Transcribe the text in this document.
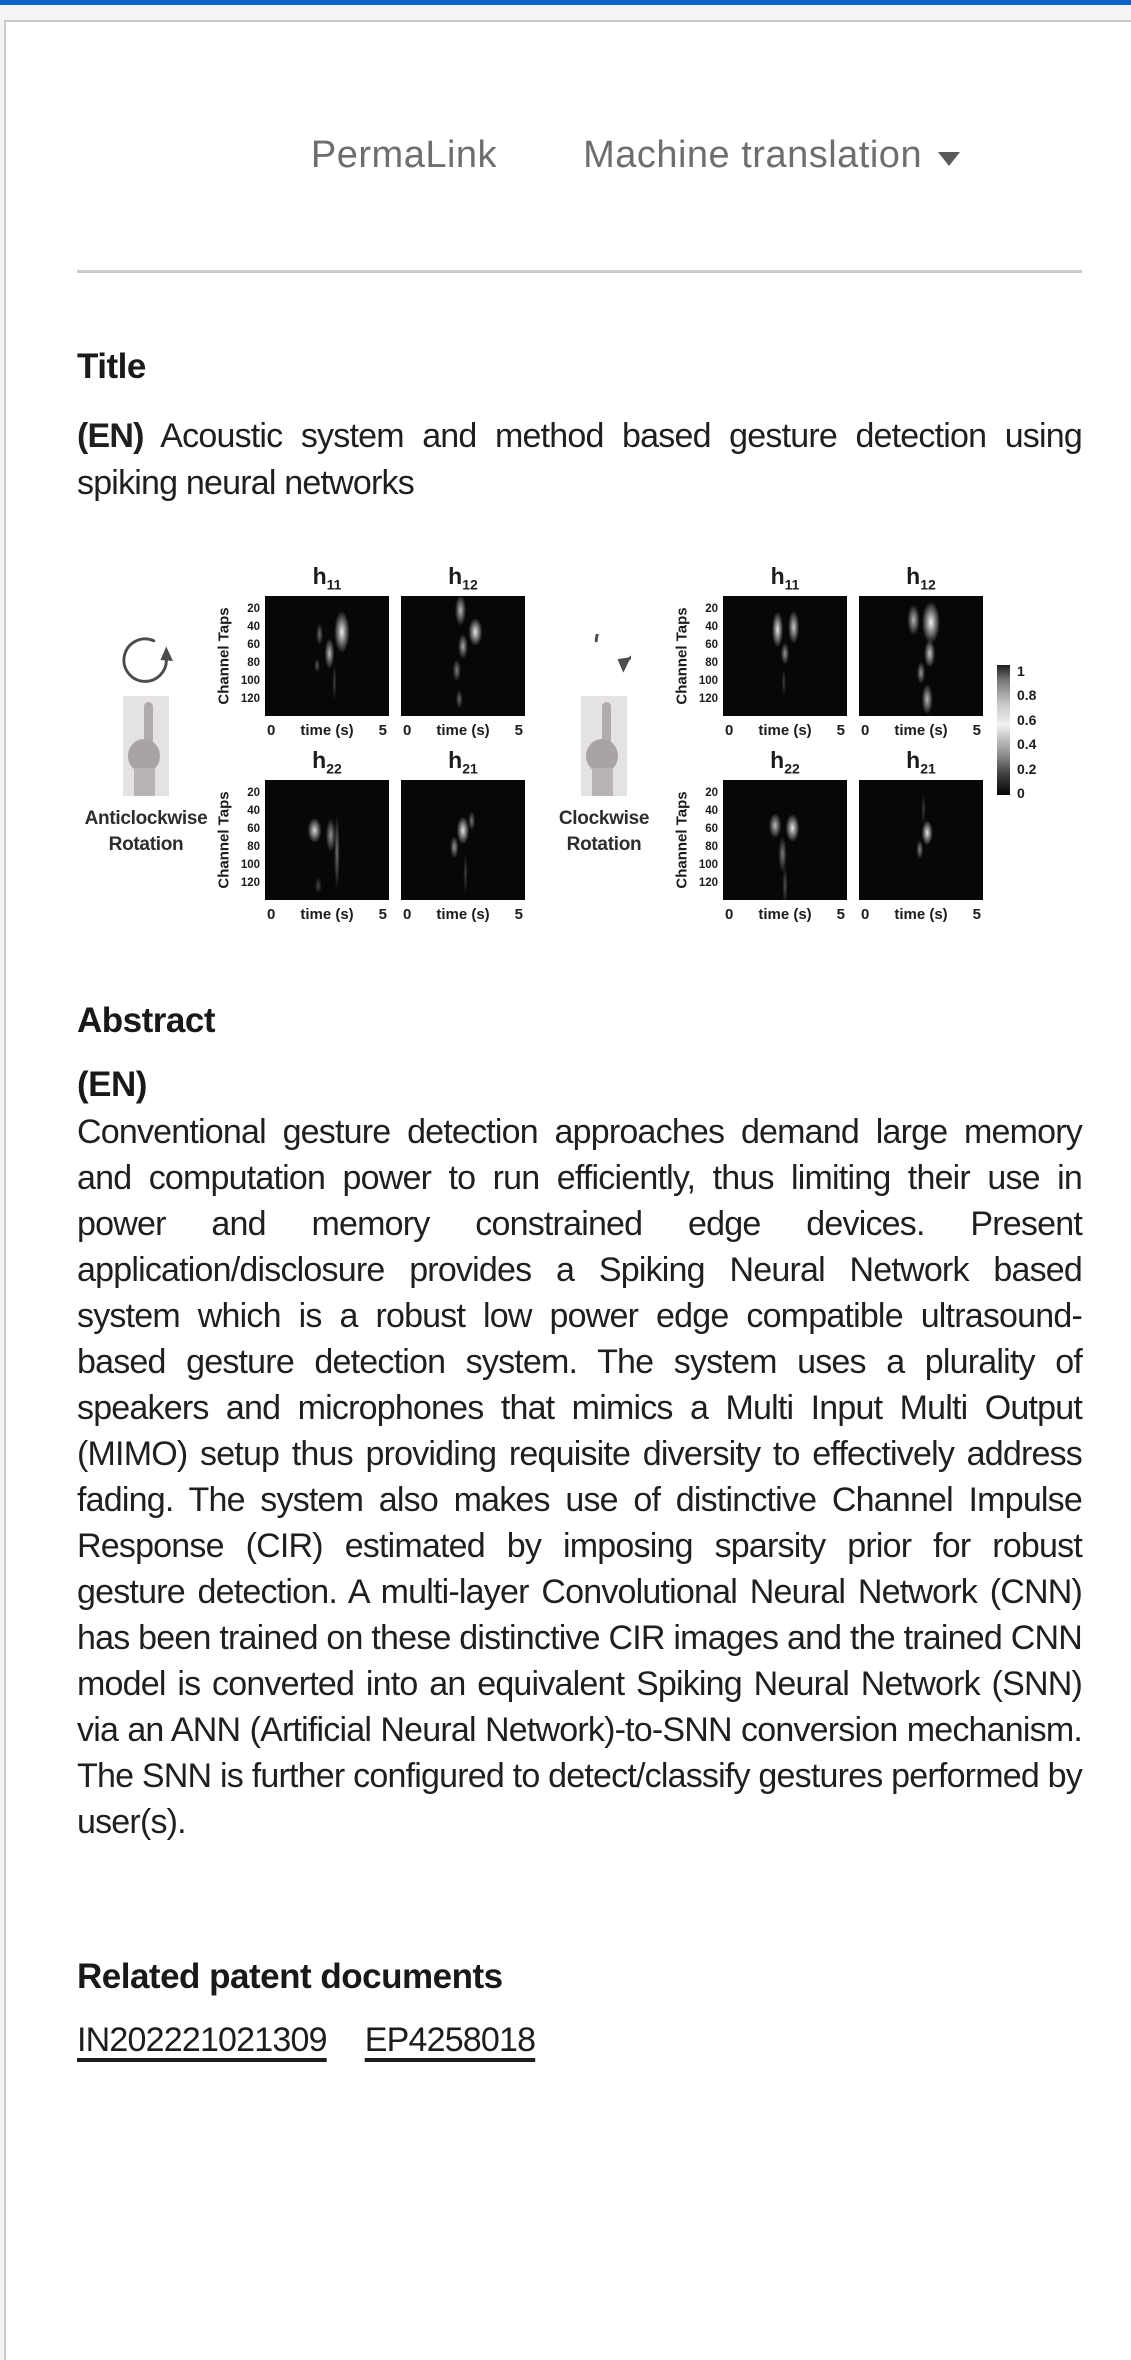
PermaLink Machine translation
Title

(EN) Acoustic system and method based gesture detection using spiking neural networks

Anticlockwise
Rotation
$h_{11}$	$h_{12}$
Channel Taps	20
40
60
80
100
120
0 time (s) 5 0 time (s) 5
$h_{22}$	$h_{21}$
Channel Taps	20
40
60
80
100
120
0 time (s) 5 0 time (s) 5
Clockwise
Rotation
$h_{11}$	$h_{12}$
Channel Taps	20
40
60
80
100
120
0 time (s) 5 0 time (s) 5
$h_{22}$	$h_{21}$
Channel Taps	20
40
60
80
100
120
0 time (s) 5 0 time (s) 5
1
0.8
0.6
0.4
0.2
0
Abstract
(EN)

Conventional gesture detection approaches demand large memory and computation power to run efficiently, thus limiting their use in power and memory constrained edge devices. Present application/disclosure provides a Spiking Neural Network based system which is a robust low power edge compatible ultrasound-based gesture detection system. The system uses a plurality of speakers and microphones that mimics a Multi Input Multi Output (MIMO) setup thus providing requisite diversity to effectively address fading. The system also makes use of distinctive Channel Impulse Response (CIR) estimated by imposing sparsity prior for robust gesture detection. A multi-layer Convolutional Neural Network (CNN) has been trained on these distinctive CIR images and the trained CNN model is converted into an equivalent Spiking Neural Network (SNN) via an ANN (Artificial Neural Network)-to-SNN conversion mechanism. The SNN is further configured to detect/classify gestures performed by user(s).

Related patent documents
IN202221021309 EP4258018
